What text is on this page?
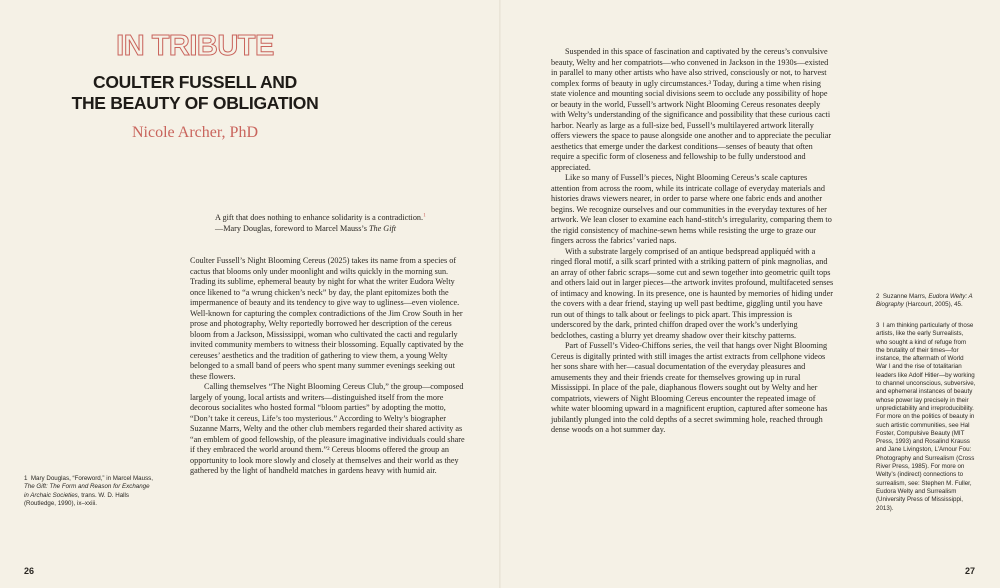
IN TRIBUTE
COULTER FUSSELL AND
THE BEAUTY OF OBLIGATION

Nicole Archer, PhD

A gift that does nothing to enhance solidarity is a contradiction.$^1$

—Mary Douglas, foreword to Marcel Mauss’s The Gift

Coulter Fussell’s Night Blooming Cereus (2025) takes its name from a species of cactus that blooms only under moonlight and wilts quickly in the morning sun. Trading its sublime, ephemeral beauty by night for what the writer Eudora Welty once likened to “a wrung chicken’s neck” by day, the plant epitomizes both the impermanence of beauty and its tendency to give way to ugliness—even violence. Well-known for capturing the complex contradictions of the Jim Crow South in her prose and photography, Welty reportedly borrowed her description of the cereus bloom from a Jackson, Mississippi, woman who cultivated the cacti and regularly invited community members to witness their blossoming. Equally captivated by the cereuses’ aesthetics and the tradition of gathering to view them, a young Welty belonged to a small band of peers who spent many summer evenings seeking out these flowers.

Calling themselves “The Night Blooming Cereus Club,” the group—composed largely of young, local artists and writers—distinguished itself from the more decorous socialites who hosted formal “bloom parties” by adopting the motto, “Don’t take it cereus, Life’s too mysterious.” According to Welty’s biographer Suzanne Marrs, Welty and the other club members regarded their shared activity as “an emblem of good fellowship, of the pleasure imaginative individuals could share if they embraced the world around them.”² Cereus blooms offered the group an opportunity to look more slowly and closely at themselves and their world as they gathered by the light of handheld matches in gardens heavy with humid air.

1 Mary Douglas, “Foreword,” in Marcel Mauss, The Gift: The Form and Reason for Exchange in Archaic Societies, trans. W. D. Halls (Routledge, 1990), ix–xxiii.

26

Suspended in this space of fascination and captivated by the cereus’s convulsive beauty, Welty and her compatriots—who convened in Jackson in the 1930s—existed in parallel to many other artists who have also strived, consciously or not, to harvest complex forms of beauty in ugly circumstances.³ Today, during a time when rising state violence and mounting social divisions seem to occlude any possibility of hope or beauty in the world, Fussell’s artwork Night Blooming Cereus resonates deeply with Welty’s understanding of the significance and possibility that these curious cacti harbor. Nearly as large as a full-size bed, Fussell’s multilayered artwork literally offers viewers the space to pause alongside one another and to appreciate the peculiar aesthetics that emerge under the darkest conditions—senses of beauty that often require a specific form of closeness and fellowship to be fully understood and appreciated.

Like so many of Fussell’s pieces, Night Blooming Cereus’s scale captures attention from across the room, while its intricate collage of everyday materials and histories draws viewers nearer, in order to parse where one fabric ends and another begins. We recognize ourselves and our communities in the everyday textures of her artwork. We lean closer to examine each hand-stitch’s irregularity, comparing them to the rigid consistency of machine-sewn hems while resisting the urge to graze our fingers across the fabrics’ varied naps.

With a substrate largely comprised of an antique bedspread appliquéd with a ringed floral motif, a silk scarf printed with a striking pattern of pink magnolias, and an array of other fabric scraps—some cut and sewn together into geometric quilt tops and others laid out in larger pieces—the artwork invites profound, multifaceted senses of intimacy and knowing. In its presence, one is haunted by memories of hiding under the covers with a dear friend, staying up well past bedtime, giggling until you have run out of things to talk about or feelings to pick apart. This impression is underscored by the dark, printed chiffon draped over the work’s underlying bedclothes, casting a blurry yet dreamy shadow over their kitschy patterns.

Part of Fussell’s Video-Chiffons series, the veil that hangs over Night Blooming Cereus is digitally printed with still images the artist extracts from cellphone videos her sons share with her—casual documentation of the everyday pleasures and amusements they and their friends create for themselves growing up in rural Mississippi. In place of the pale, diaphanous flowers sought out by Welty and her compatriots, viewers of Night Blooming Cereus encounter the repeated image of white water blooming upward in a magnificent eruption, captured after someone has jubilantly plunged into the cold depths of a secret swimming hole, reached through dense woods on a hot summer day.

2 Suzanne Marrs, Eudora Welty: A Biography (Harcourt, 2005), 45.
3 I am thinking particularly of those artists, like the early Surrealists, who sought a kind of refuge from the brutality of their times—for instance, the aftermath of World War I and the rise of totalitarian leaders like Adolf Hitler—by working to channel unconscious, subversive, and ephemeral instances of beauty whose power lay precisely in their unpredictability and irreproducibility. For more on the politics of beauty in such artistic communities, see Hal Foster, Compulsive Beauty (MIT Press, 1993) and Rosalind Krauss and Jane Livingston, L’Amour Fou: Photography and Surrealism (Cross River Press, 1985). For more on Welty’s (indirect) connections to surrealism, see: Stephen M. Fuller, Eudora Welty and Surrealism (University Press of Mississippi, 2013).

27
